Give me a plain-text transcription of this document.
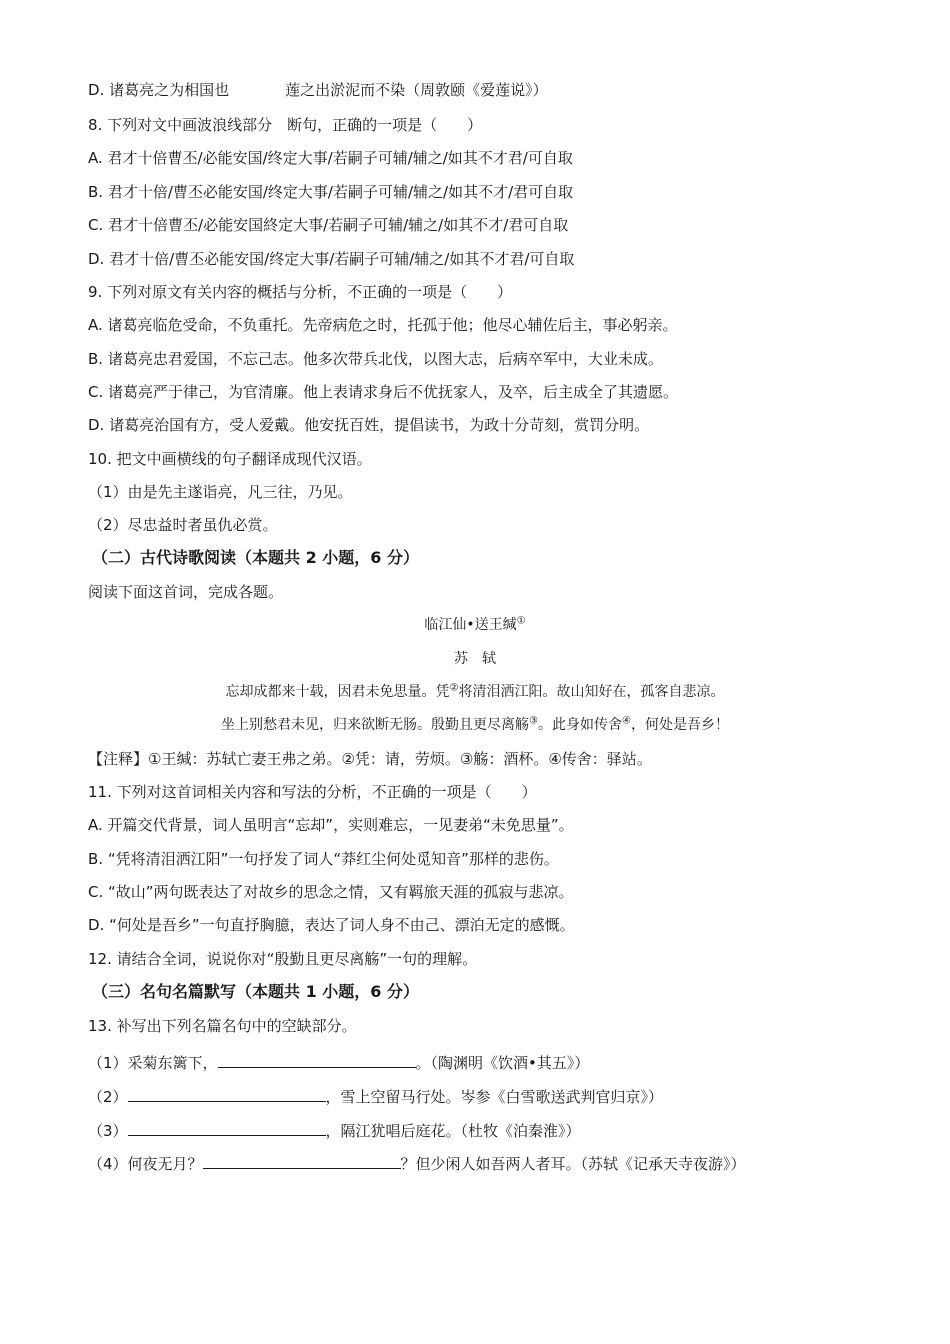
D. 诸葛亮之为相国也	莲之出淤泥而不染（周敦颐《爱莲说》）
8. 下列对文中画波浪线部分　断句，正确的一项是（　　）
A. 君才十倍曹丕/必能安国/终定大事/若嗣子可辅/辅之/如其不才君/可自取
B. 君才十倍/曹丕必能安国/终定大事/若嗣子可辅/辅之/如其不才/君可自取
C. 君才十倍曹丕/必能安国終定大事/若嗣子可辅/辅之/如其不才/君可自取
D. 君才十倍/曹丕必能安国/终定大事/若嗣子可辅/辅之/如其不才君/可自取
9. 下列对原文有关内容的概括与分析，不正确的一项是（　　）
A. 诸葛亮临危受命，不负重托。先帝病危之时，托孤于他；他尽心辅佐后主，事必躬亲。
B. 诸葛亮忠君爱国，不忘己志。他多次带兵北伐，以图大志，后病卒军中，大业未成。
C. 诸葛亮严于律己，为官清廉。他上表请求身后不优抚家人，及卒，后主成全了其遗愿。
D. 诸葛亮治国有方，受人爱戴。他安抚百姓，提倡读书，为政十分苛刻，赏罚分明。
10. 把文中画横线的句子翻译成现代汉语。
（1）由是先主遂诣亮，凡三往，乃见。
（2）尽忠益时者虽仇必赏。
（二）古代诗歌阅读（本题共 2 小题，6 分）
阅读下面这首词，完成各题。
临江仙•送王缄①
苏　轼
忘却成都来十载，因君未免思量。凭②将清泪洒江阳。故山知好在，孤客自悲凉。
坐上别愁君未见，归来欲断无肠。殷勤且更尽离觞③。此身如传舍④，何处是吾乡！
【注释】①王缄：苏轼亡妻王弗之弟。②凭：请，劳烦。③觞：酒杯。④传舍：驿站。
11. 下列对这首词相关内容和写法的分析，不正确的一项是（　　）
A. 开篇交代背景，词人虽明言“忘却”，实则难忘，一见妻弟“未免思量”。
B. “凭将清泪洒江阳”一句抒发了词人“莽红尘何处觅知音”那样的悲伤。
C. “故山”两句既表达了对故乡的思念之情，又有羁旅天涯的孤寂与悲凉。
D. “何处是吾乡”一句直抒胸臆，表达了词人身不由己、漂泊无定的感慨。
12. 请结合全词，说说你对“殷勤且更尽离觞”一句的理解。
（三）名句名篇默写（本题共 1 小题，6 分）
13. 补写出下列名篇名句中的空缺部分。
（1）采菊东篱下，	。（陶渊明《饮酒•其五》）
（2）	，雪上空留马行处。岑参《白雪歌送武判官归京》）
（3）	，隔江犹唱后庭花。（杜牧《泊秦淮》）
（4）何夜无月？	？但少闲人如吾两人者耳。（苏轼《记承天寺夜游》）
